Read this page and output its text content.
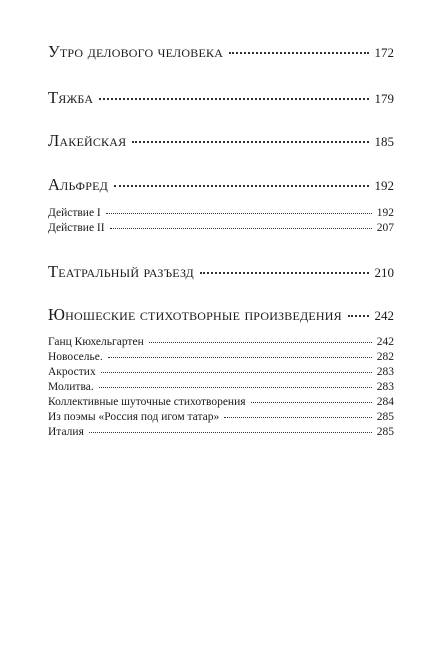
Утро делового человека	172
Тяжба	179
Лакейская	185
Альфред	192
Действие I	192
Действие II	207
Театральный разъезд	210
Юношеские стихотворные произведения	242
Ганц Кюхельгартен	242
Новоселье.	282
Акростих	283
Молитва.	283
Коллективные шуточные стихотворения	284
Из поэмы «Россия под игом татар»	285
Италия	285
